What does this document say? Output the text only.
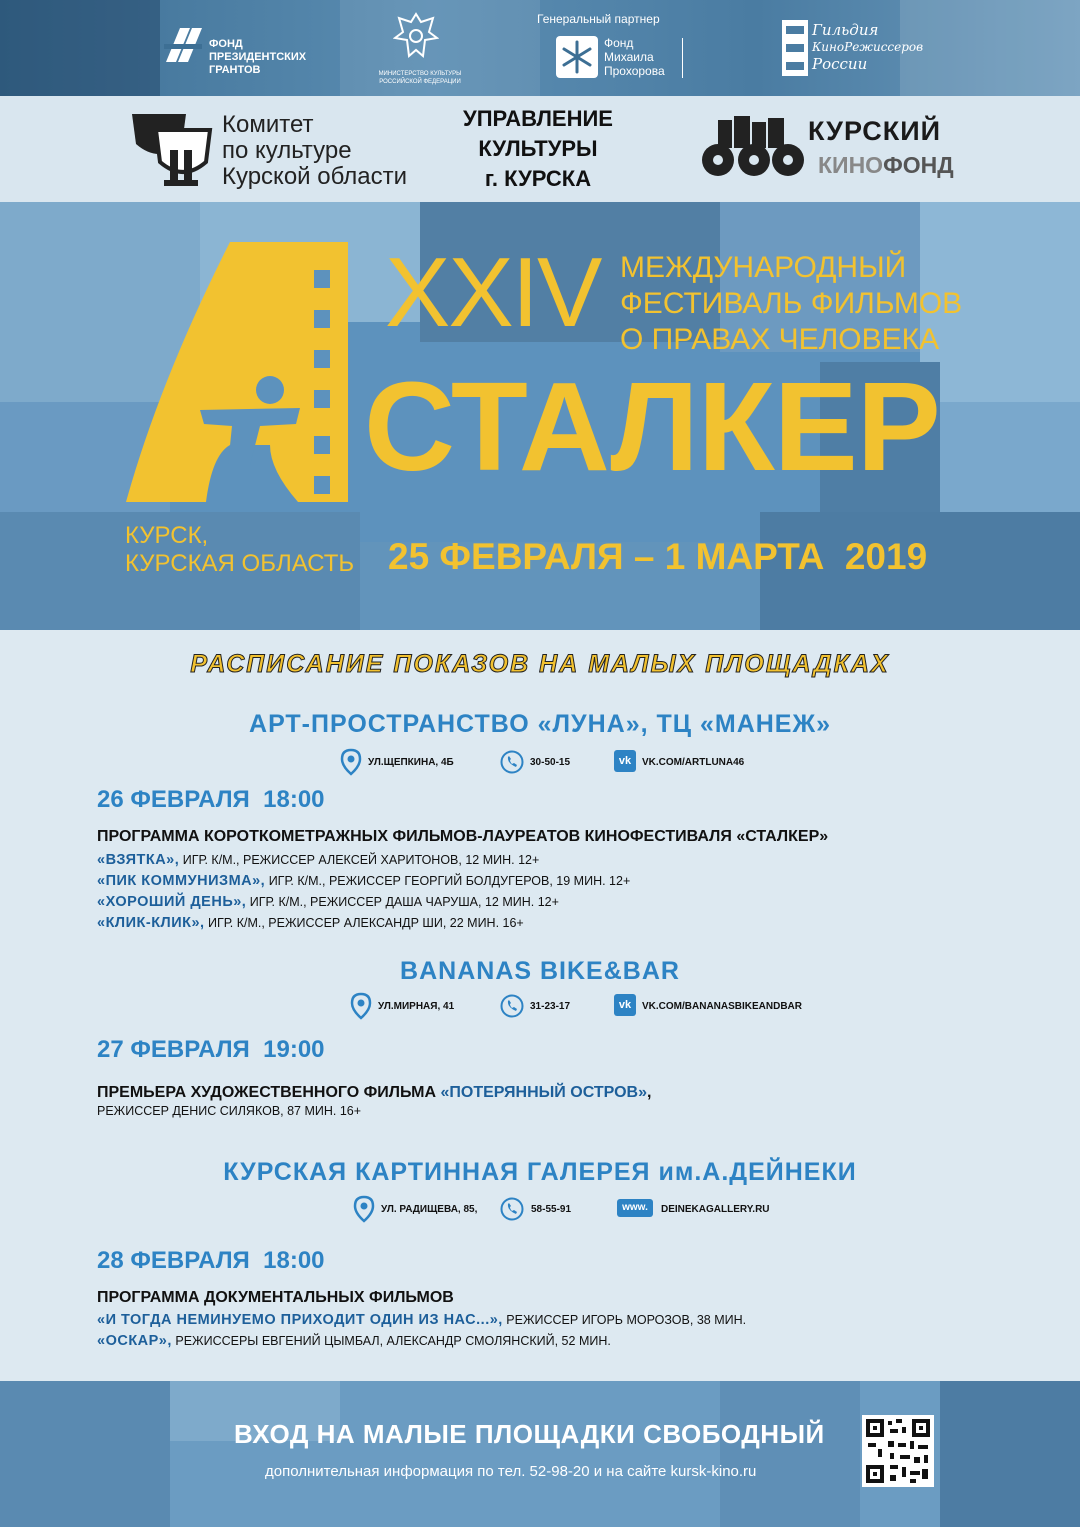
ФОНД
ПРЕЗИДЕНТСКИХ
ГРАНТОВ	МИНИСТЕРСТВО КУЛЬТУРЫ
РОССИЙСКОЙ ФЕДЕРАЦИИ
Генеральный партнер
Фонд
Михаила
Прохорова
Гильдия
КиноРежиссеров
России
Комитет
по культуре
Курской области
УПРАВЛЕНИЕ
КУЛЬТУРЫ
г. КУРСКА
КУРСКИЙ
КИНОФОНД
XXIV МЕЖДУНАРОДНЫЙ
ФЕСТИВАЛЬ ФИЛЬМОВ
О ПРАВАХ ЧЕЛОВЕКА
СТАЛКЕР
КУРСК,
КУРСКАЯ ОБЛАСТЬ 25 ФЕВРАЛЯ – 1 МАРТА  2019
РАСПИСАНИЕ ПОКАЗОВ НА МАЛЫХ ПЛОЩАДКАХ
АРТ-ПРОСТРАНСТВО «ЛУНА», ТЦ «МАНЕЖ»
УЛ.ЩЕПКИНА, 4Б	30-50-15	vk	VK.COM/ARTLUNA46
26 ФЕВРАЛЯ  18:00
ПРОГРАММА КОРОТКОМЕТРАЖНЫХ ФИЛЬМОВ-ЛАУРЕАТОВ КИНОФЕСТИВАЛЯ «СТАЛКЕР»
«ВЗЯТКА», ИГР. К/М., РЕЖИССЕР АЛЕКСЕЙ ХАРИТОНОВ, 12 МИН. 12+
«ПИК КОММУНИЗМА», ИГР. К/М., РЕЖИССЕР ГЕОРГИЙ БОЛДУГЕРОВ, 19 МИН. 12+
«ХОРОШИЙ ДЕНЬ», ИГР. К/М., РЕЖИССЕР ДАША ЧАРУША, 12 МИН. 12+
«КЛИК-КЛИК», ИГР. К/М., РЕЖИССЕР АЛЕКСАНДР ШИ, 22 МИН. 16+
BANANAS BIKE&BAR
УЛ.МИРНАЯ, 41	31-23-17	vk	VK.COM/BANANASBIKEANDBAR
27 ФЕВРАЛЯ  19:00
ПРЕМЬЕРА ХУДОЖЕСТВЕННОГО ФИЛЬМА «ПОТЕРЯННЫЙ ОСТРОВ»,
РЕЖИССЕР ДЕНИС СИЛЯКОВ, 87 МИН. 16+
КУРСКАЯ КАРТИННАЯ ГАЛЕРЕЯ им.А.ДЕЙНЕКИ
УЛ. РАДИЩЕВА, 85,	58-55-91	www.	DEINEKAGALLERY.RU
28 ФЕВРАЛЯ  18:00
ПРОГРАММА ДОКУМЕНТАЛЬНЫХ ФИЛЬМОВ
«И ТОГДА НЕМИНУЕМО ПРИХОДИТ ОДИН ИЗ НАС...», РЕЖИССЕР ИГОРЬ МОРОЗОВ, 38 МИН.
«ОСКАР», РЕЖИССЕРЫ ЕВГЕНИЙ ЦЫМБАЛ, АЛЕКСАНДР СМОЛЯНСКИЙ, 52 МИН.
ВХОД НА МАЛЫЕ ПЛОЩАДКИ СВОБОДНЫЙ
дополнительная информация по тел. 52-98-20 и на сайте kursk-kino.ru
